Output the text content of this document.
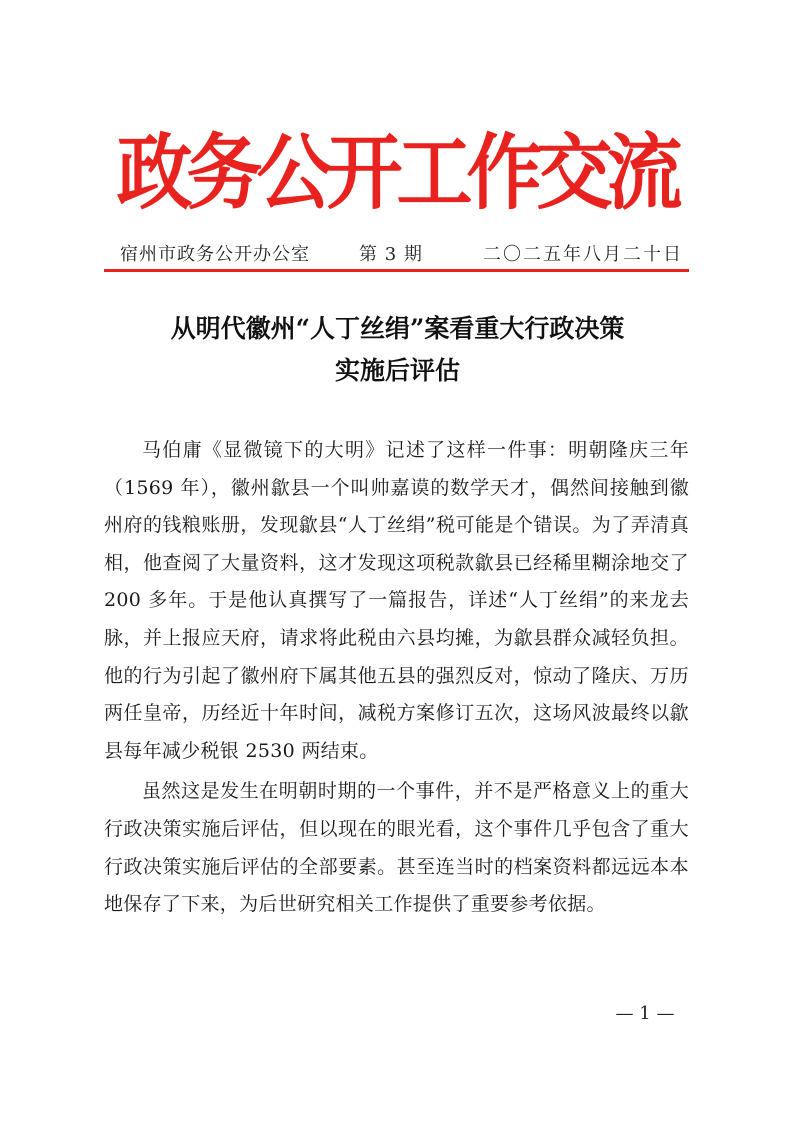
政务公开工作交流
宿州市政务公开办公室	第 3 期	二〇二五年八月二十日
从明代徽州“人丁丝绢”案看重大行政决策
实施后评估

马伯庸《显微镜下的大明》记述了这样一件事：明朝隆庆三年（1569 年），徽州歙县一个叫帅嘉谟的数学天才，偶然间接触到徽州府的钱粮账册，发现歙县“人丁丝绢”税可能是个错误。为了弄清真相，他查阅了大量资料，这才发现这项税款歙县已经稀里糊涂地交了 200 多年。于是他认真撰写了一篇报告，详述“人丁丝绢”的来龙去脉，并上报应天府，请求将此税由六县均摊，为歙县群众减轻负担。他的行为引起了徽州府下属其他五县的强烈反对，惊动了隆庆、万历两任皇帝，历经近十年时间，减税方案修订五次，这场风波最终以歙县每年减少税银 2530 两结束。

虽然这是发生在明朝时期的一个事件，并不是严格意义上的重大行政决策实施后评估，但以现在的眼光看，这个事件几乎包含了重大行政决策实施后评估的全部要素。甚至连当时的档案资料都远远本本地保存了下来，为后世研究相关工作提供了重要参考依据。

— 1 —
